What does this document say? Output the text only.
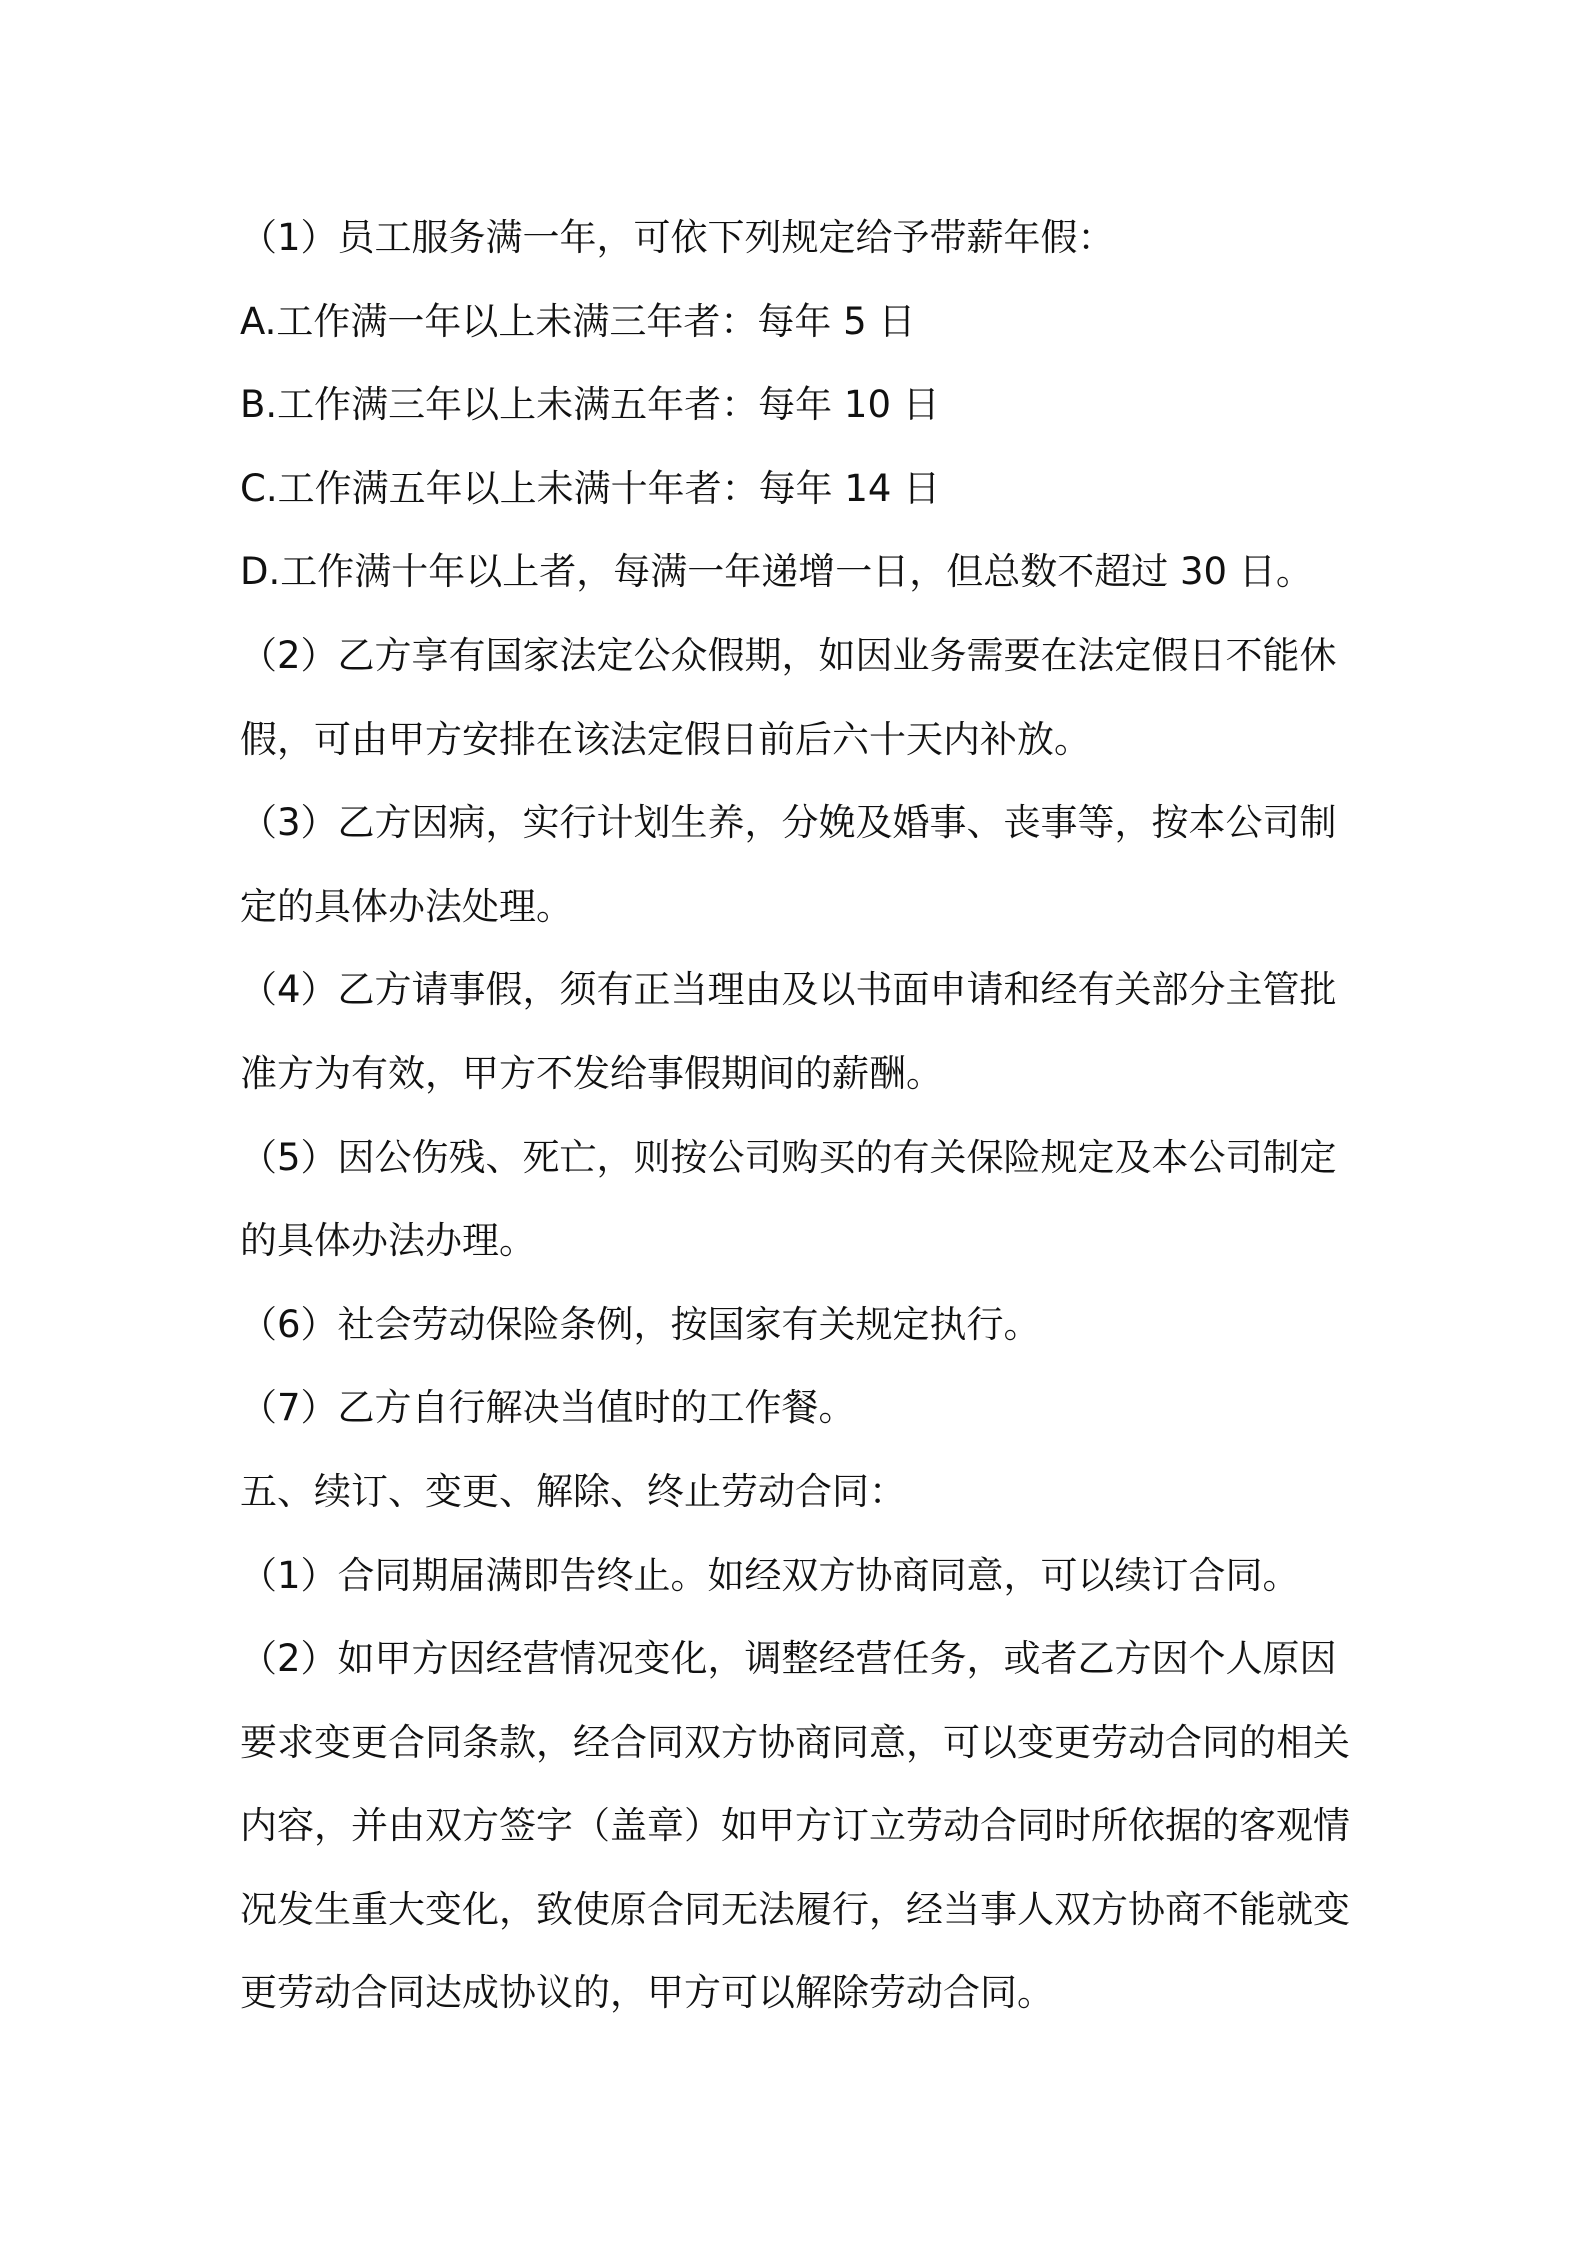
（1）员工服务满一年，可依下列规定给予带薪年假：

A.工作满一年以上未满三年者：每年 5 日

B.工作满三年以上未满五年者：每年 10 日

C.工作满五年以上未满十年者：每年 14 日

D.工作满十年以上者，每满一年递增一日，但总数不超过 30 日。

（2）乙方享有国家法定公众假期，如因业务需要在法定假日不能休

假，可由甲方安排在该法定假日前后六十天内补放。

（3）乙方因病，实行计划生养，分娩及婚事、丧事等，按本公司制

定的具体办法处理。

（4）乙方请事假，须有正当理由及以书面申请和经有关部分主管批

准方为有效，甲方不发给事假期间的薪酬。

（5）因公伤残、死亡，则按公司购买的有关保险规定及本公司制定

的具体办法办理。

（6）社会劳动保险条例，按国家有关规定执行。

（7）乙方自行解决当值时的工作餐。

五、续订、变更、解除、终止劳动合同：

（1）合同期届满即告终止。如经双方协商同意，可以续订合同。

（2）如甲方因经营情况变化，调整经营任务，或者乙方因个人原因

要求变更合同条款，经合同双方协商同意，可以变更劳动合同的相关

内容，并由双方签字（盖章）如甲方订立劳动合同时所依据的客观情

况发生重大变化，致使原合同无法履行，经当事人双方协商不能就变

更劳动合同达成协议的，甲方可以解除劳动合同。
